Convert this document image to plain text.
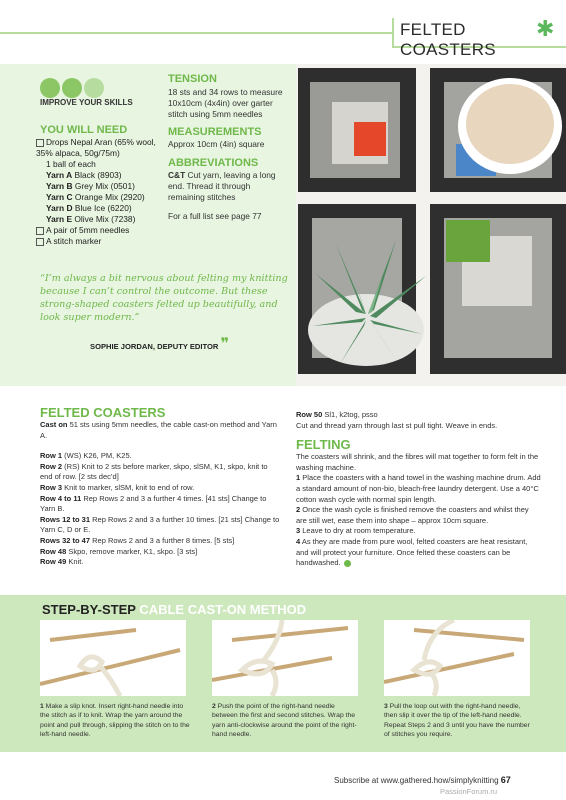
FELTED COASTERS
✱
IMPROVE YOUR SKILLS
YOU WILL NEED
Drops Nepal Aran (65% wool, 35% alpaca, 50g/75m)
1 ball of each
Yarn A Black (8903)
Yarn B Grey Mix (0501)
Yarn C Orange Mix (2920)
Yarn D Blue Ice (6220)
Yarn E Olive Mix (7238)
A pair of 5mm needles
A stitch marker
TENSION
18 sts and 34 rows to measure 10x10cm (4x4in) over garter stitch using 5mm needles
MEASUREMENTS
Approx 10cm (4in) square
ABBREVIATIONS
C&T Cut yarn, leaving a long end. Thread it through remaining stitches
For a full list see page 77
“I’m always a bit nervous about felting my knitting because I can’t control the outcome. But these strong-shaped coasters felted up beautifully, and look super modern.”
SOPHIE JORDAN, DEPUTY EDITOR ❞
FELTED COASTERS
Cast on 51 sts using 5mm needles, the cable cast-on method and Yarn A.
Row 1 (WS) K26, PM, K25.
Row 2 (RS) Knit to 2 sts before marker, skpo, slSM, K1, skpo, knit to end of row. [2 sts dec’d]
Row 3 Knit to marker, slSM, knit to end of row.
Row 4 to 11 Rep Rows 2 and 3 a further 4 times. [41 sts] Change to Yarn B.
Rows 12 to 31 Rep Rows 2 and 3 a further 10 times. [21 sts] Change to Yarn C, D or E.
Rows 32 to 47 Rep Rows 2 and 3 a further 8 times. [5 sts]
Row 48 Skpo, remove marker, K1, skpo. [3 sts]
Row 49 Knit.
Row 50 Sl1, k2tog, psso
Cut and thread yarn through last st pull tight. Weave in ends.
FELTING
The coasters will shrink, and the fibres will mat together to form felt in the washing machine.
1 Place the coasters with a hand towel in the washing machine drum. Add a standard amount of non-bio, bleach-free laundry detergent. Use a 40°C cotton wash cycle with normal spin length.
2 Once the wash cycle is finished remove the coasters and whilst they are still wet, ease them into shape – approx 10cm square.
3 Leave to dry at room temperature.
4 As they are made from pure wool, felted coasters are heat resistant, and will protect your furniture. Once felted these coasters can be handwashed.
STEP-BY-STEP CABLE CAST-ON METHOD
1 Make a slip knot. Insert right-hand needle into the stitch as if to knit. Wrap the yarn around the point and pull through, slipping the stitch on to the left-hand needle.
2 Push the point of the right-hand needle between the first and second stitches. Wrap the yarn anti-clockwise around the point of the right-hand needle.
3 Pull the loop out with the right-hand needle, then slip it over the tip of the left-hand needle. Repeat Steps 2 and 3 until you have the number of stitches you require.
Subscribe at www.gathered.how/simplyknitting 67
PassionForum.ru
